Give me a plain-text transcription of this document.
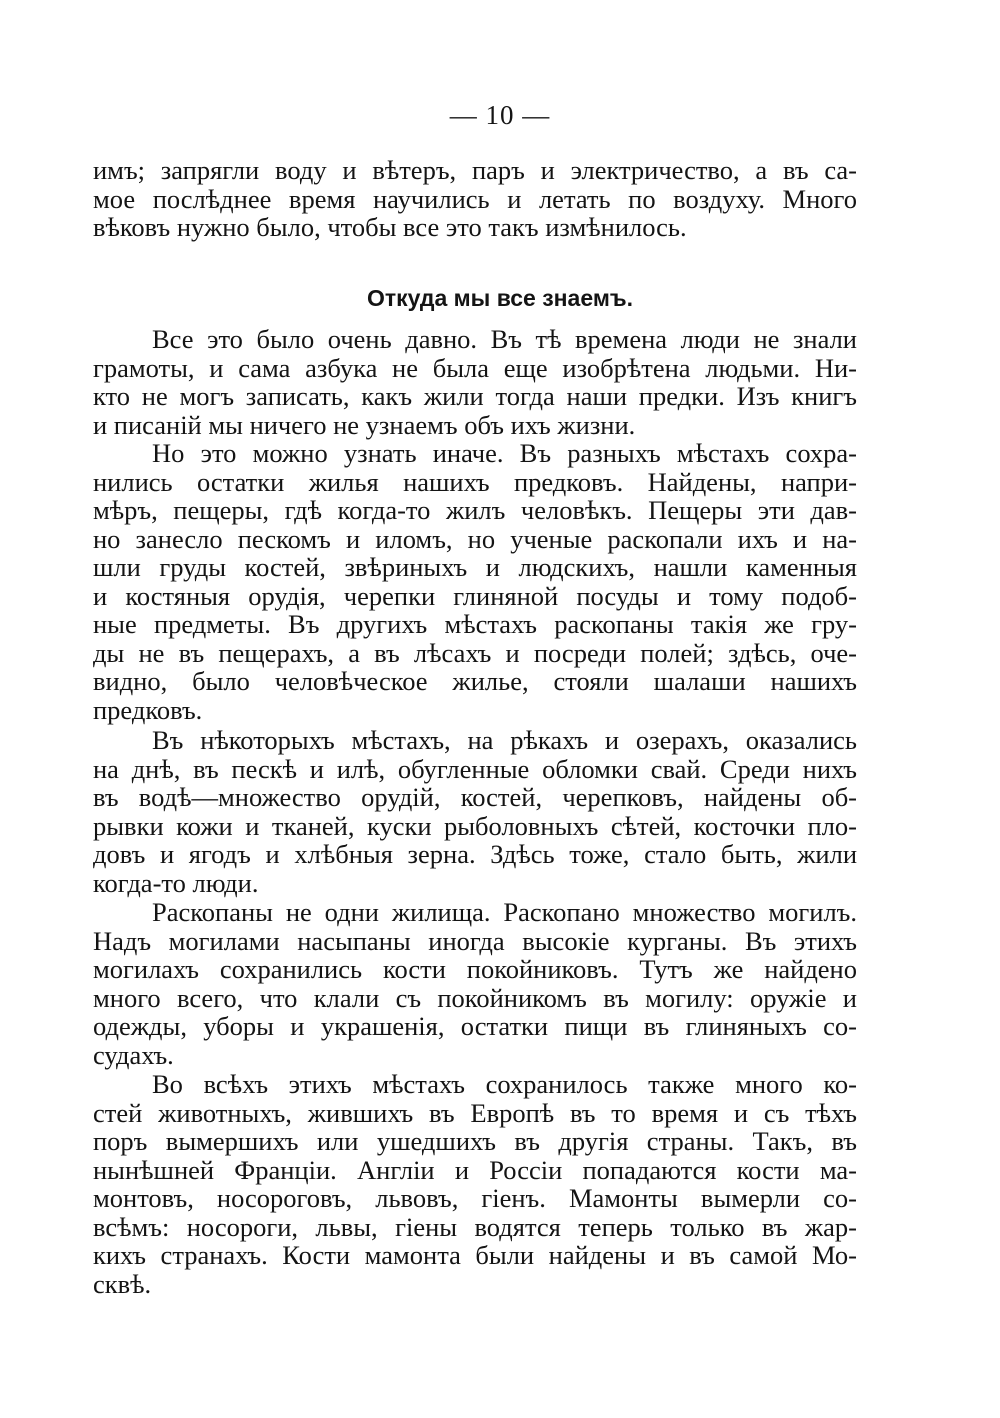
— 10 —
имъ; запрягли воду и вѣтеръ, паръ и электричество, а въ са-
мое послѣднее время научились и летать по воздуху. Много
вѣковъ нужно было, чтобы все это такъ измѣнилось.
Откуда мы все знаемъ.
Все это было очень давно. Въ тѣ времена люди не знали
грамоты, и сама азбука не была еще изобрѣтена людьми. Ни-
кто не могъ записать, какъ жили тогда наши предки. Изъ книгъ
и писаній мы ничего не узнаемъ объ ихъ жизни.
Но это можно узнать иначе. Въ разныхъ мѣстахъ сохра-
нились остатки жилья нашихъ предковъ. Найдены, напри-
мѣръ, пещеры, гдѣ когда-то жилъ человѣкъ. Пещеры эти дав-
но занесло пескомъ и иломъ, но ученые раскопали ихъ и на-
шли груды костей, звѣриныхъ и людскихъ, нашли каменныя
и костяныя орудія, черепки глиняной посуды и тому подоб-
ные предметы. Въ другихъ мѣстахъ раскопаны такія же гру-
ды не въ пещерахъ, а въ лѣсахъ и посреди полей; здѣсь, оче-
видно, было человѣческое жилье, стояли шалаши нашихъ
предковъ.
Въ нѣкоторыхъ мѣстахъ, на рѣкахъ и озерахъ, оказались
на днѣ, въ пескѣ и илѣ, обугленные обломки свай. Среди нихъ
въ водѣ—множество орудій, костей, черепковъ, найдены об-
рывки кожи и тканей, куски рыболовныхъ сѣтей, косточки пло-
довъ и ягодъ и хлѣбныя зерна. Здѣсь тоже, стало быть, жили
когда-то люди.
Раскопаны не одни жилища. Раскопано множество могилъ.
Надъ могилами насыпаны иногда высокіе курганы. Въ этихъ
могилахъ сохранились кости покойниковъ. Тутъ же найдено
много всего, что клали съ покойникомъ въ могилу: оружіе и
одежды, уборы и украшенія, остатки пищи въ глиняныхъ со-
судахъ.
Во всѣхъ этихъ мѣстахъ сохранилось также много ко-
стей животныхъ, жившихъ въ Европѣ въ то время и съ тѣхъ
поръ вымершихъ или ушедшихъ въ другія страны. Такъ, въ
нынѣшней Франціи. Англіи и Россіи попадаются кости ма-
монтовъ, носороговъ, львовъ, гіенъ. Мамонты вымерли со-
всѣмъ: носороги, львы, гіены водятся теперь только въ жар-
кихъ странахъ. Кости мамонта были найдены и въ самой Мо-
сквѣ.
